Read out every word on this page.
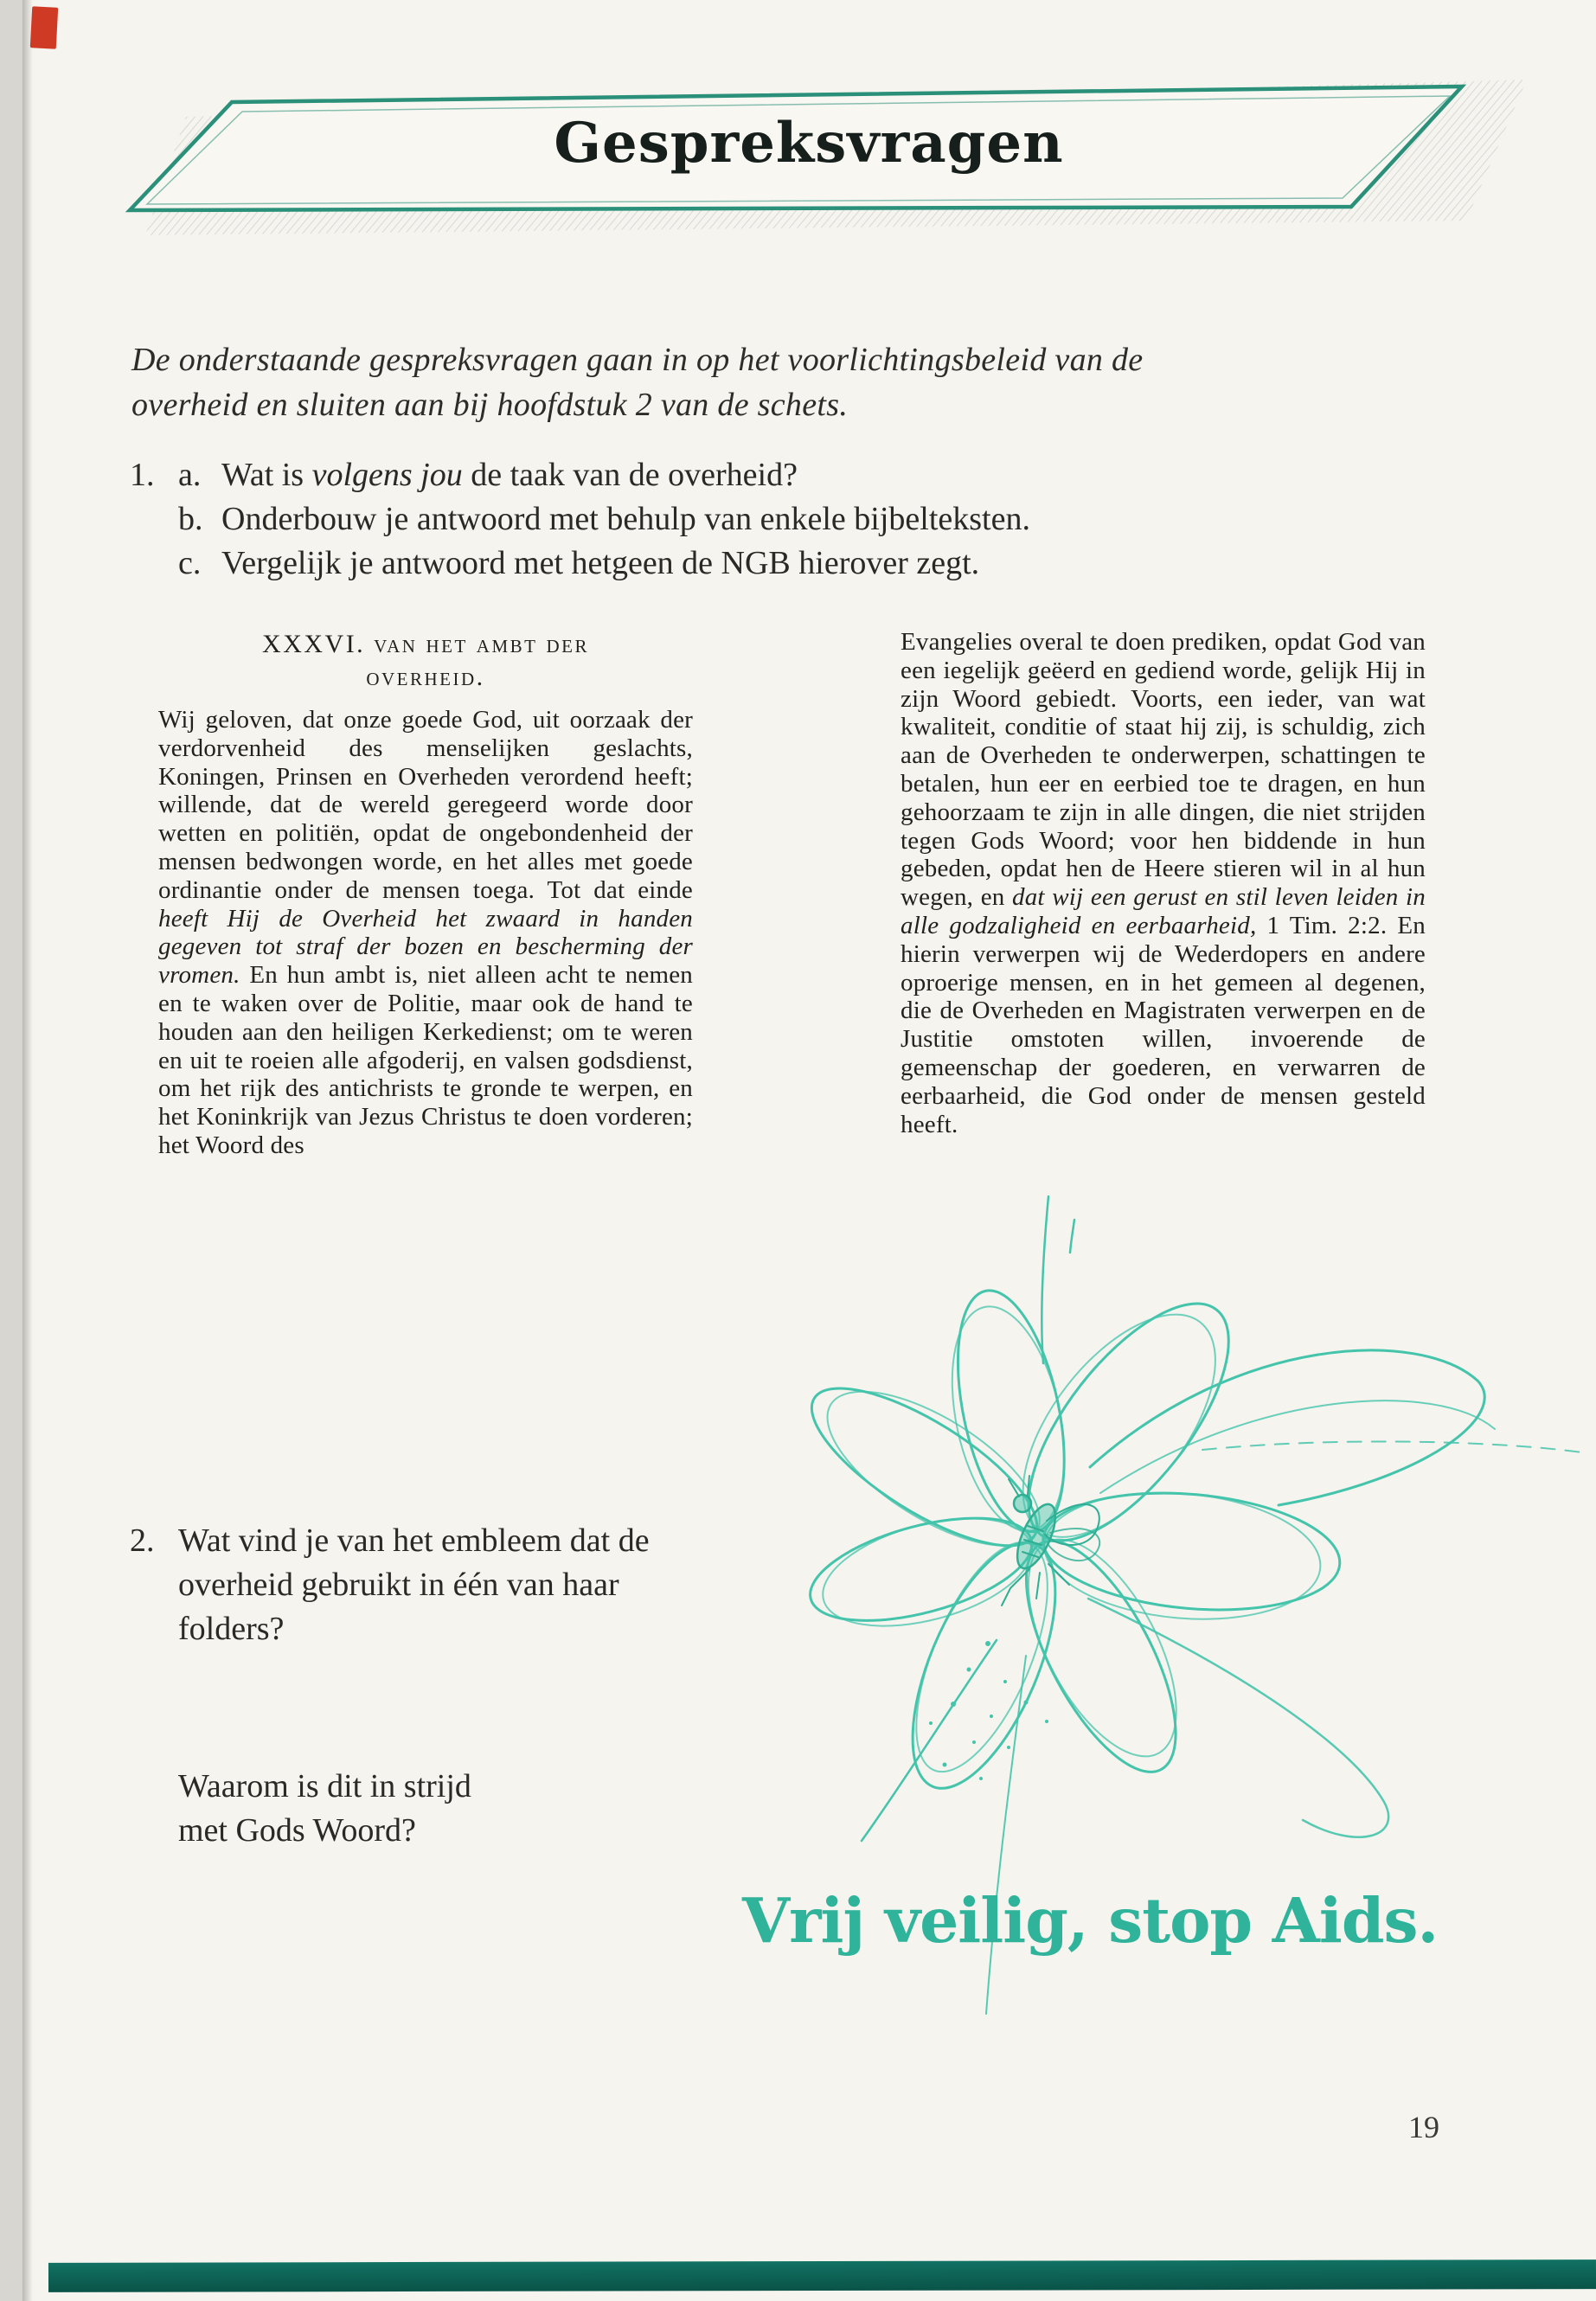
Gespreksvragen
De onderstaande gespreksvragen gaan in op het voorlichtingsbeleid van de
overheid en sluiten aan bij hoofdstuk 2 van de schets.
1. a. Wat is volgens jou de taak van de overheid?
b. Onderbouw je antwoord met behulp van enkele bijbelteksten.
c. Vergelijk je antwoord met hetgeen de NGB hierover zegt.
XXXVI. van het ambt der
overheid.
Wij geloven, dat onze goede God, uit oorzaak der verdorvenheid des menselijken geslachts, Koningen, Prinsen en Overheden verordend heeft; willende, dat de wereld geregeerd worde door wetten en politiën, opdat de ongebondenheid der mensen bedwongen worde, en het alles met goede ordinantie onder de mensen toega. Tot dat einde heeft Hij de Overheid het zwaard in handen gegeven tot straf der bozen en bescherming der vromen. En hun ambt is, niet alleen acht te nemen en te waken over de Politie, maar ook de hand te houden aan den heiligen Kerkedienst; om te weren en uit te roeien alle afgoderij, en valsen godsdienst, om het rijk des antichrists te gronde te werpen, en het Koninkrijk van Jezus Christus te doen vorderen; het Woord des
Evangelies overal te doen prediken, opdat God van een iegelijk geëerd en gediend worde, gelijk Hij in zijn Woord gebiedt. Voorts, een ieder, van wat kwaliteit, conditie of staat hij zij, is schuldig, zich aan de Overheden te onderwerpen, schattingen te betalen, hun eer en eerbied toe te dragen, en hun gehoorzaam te zijn in alle dingen, die niet strijden tegen Gods Woord; voor hen biddende in hun gebeden, opdat hen de Heere stieren wil in al hun wegen, en dat wij een gerust en stil leven leiden in alle godzaligheid en eerbaarheid, 1 Tim. 2:2. En hierin verwerpen wij de Wederdopers en andere oproerige mensen, en in het gemeen al degenen, die de Overheden en Magistraten verwerpen en de Justitie omstoten willen, invoerende de gemeenschap der goederen, en verwarren de eerbaarheid, die God onder de mensen gesteld heeft.
2. Wat vind je van het embleem dat de
overheid gebruikt in één van haar
folders?
Waarom is dit in strijd
met Gods Woord?
Vrij veilig, stop Aids.
19
